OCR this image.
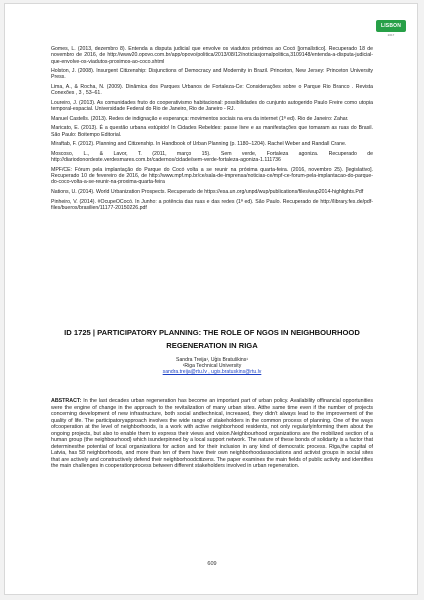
LISBON
2017

Gomes, L. (2013, dezembro 8). Entenda a disputa judicial que envolve os viadutos próximos ao Cocó [jornalístico]. Recuperado 18 de novembro de 2016, de http://www20.opovo.com.br/app/opovo/politica/2013/08/12/noticiasjornalpolitica,3109148/entenda-a-disputa-judicial-que-envolve-os-viadutos-proximos-ao-coco.shtml

Holston, J. (2008). Insurgent Citizenship: Disjunctions of Democracy and Modernity in Brazil. Princeton, New Jersey: Princeton University Press.

Lima, A., & Rocha, N. (2009). Dinâmica dos Parques Urbanos de Fortaleza-Ce: Considerações sobre o Parque Rio Branco . Revista Conexões , 3 , 53–61.

Loureiro, J. (2013). As comunidades fruto do cooperativismo habitacional: possibilidades do cunjunto autogerido Paulo Freire como utopia temporal-espacial. Universidade Federal do Rio de Janeiro, Rio de Janeiro - RJ.

Manuel Castells. (2013). Redes de indignação e esperança: movimentos sociais na era da internet (1ª ed). Rio de Janeiro: Zahar.

Maricato, E. (2013). É a questão urbana estúpido! In Cidades Rebeldes: passe livre e as manifestações que tomaram as ruas do Brasil. São Paulo: Boitempo Editorial.

Miraftab, F. (2012). Planning and Citizenship. In Handbook of Urban Planning (p. 1180–1204). Rachel Weber and Randall Crane.

Moscoso, L., & Lavor, T. (2011, março 15). Sem verde, Fortaleza agoniza. Recuperado de http://diariodonordeste.verdesmares.com.br/cadernos/cidade/sem-verde-fortaleza-agoniza-1.111736

MPF/CE: Fórum pela implantação do Parque do Cocó volta a se reunir na próxima quarta-feira. (2016, novembro 25). [legislativo]. Recuperado 10 de fevereiro de 2016, de http://www.mpf.mp.br/ce/sala-de-imprensa/noticias-ce/mpf-ce-forum-pela-implantacao-do-parque-do-coco-volta-a-se-reunir-na-proxima-quarta-feira

Nations, U. (2014). World Urbanization Prospects. Recuperado de https://esa.un.org/unpd/wup/publications/files/wup2014-highlights.Pdf

Pinheiro, V. (2014). #OcupeOCocó. In Junho: a potência das ruas e das redes (1ª ed). São Paulo. Recuperado de http://library.fes.de/pdf-files/bueros/brasilien/11177-20150226.pdf

ID 1725 | PARTICIPATORY PLANNING: THE ROLE OF NGOS IN NEIGHBOURHOOD REGENERATION IN RIGA
Sandra Treija¹, Uģis Bratuškins¹
¹Riga Technical University
sandra.treija@rtu.lv , ugis.bratuskins@rtu.lv
ABSTRACT: In the last decades urban regeneration has become an important part of urban policy. Availability offinancial opportunities were the engine of change in the approach to the revitalization of many urban sites. Atthe same time even if the number of projects concerning development of new infrastructure, both social andtechnical, increased, they didn't always lead to the improvement of the quality of life. The participatoryapproach involves the wide range of stakeholders in the common process of planning. One of the ways ofcooperation at the level of neighborhoods, is a work with active neighborhood residents, not only regularlyinforming them about the ongoing projects, but also to enable them to express their views and vision.Neighbourhood organizations are the mobilized section of a human group (the neighbourhood) which isunderpinned by a local support network. The nature of these bonds of solidarity is a factor that determinesthe potential of local organizations for action and for their inclusion in any kind of democratic process. Riga,the capital of Latvia, has 58 neighborhoods, and more than ten of them have their own neighborhoodassociations and activist groups in social sites that are actively and constructively defend their neighborhoodcitizens. The paper examines the main fields of public activity and identifies the main challenges in cooperationprocess between different stakeholders involved in urban regeneration.
609
